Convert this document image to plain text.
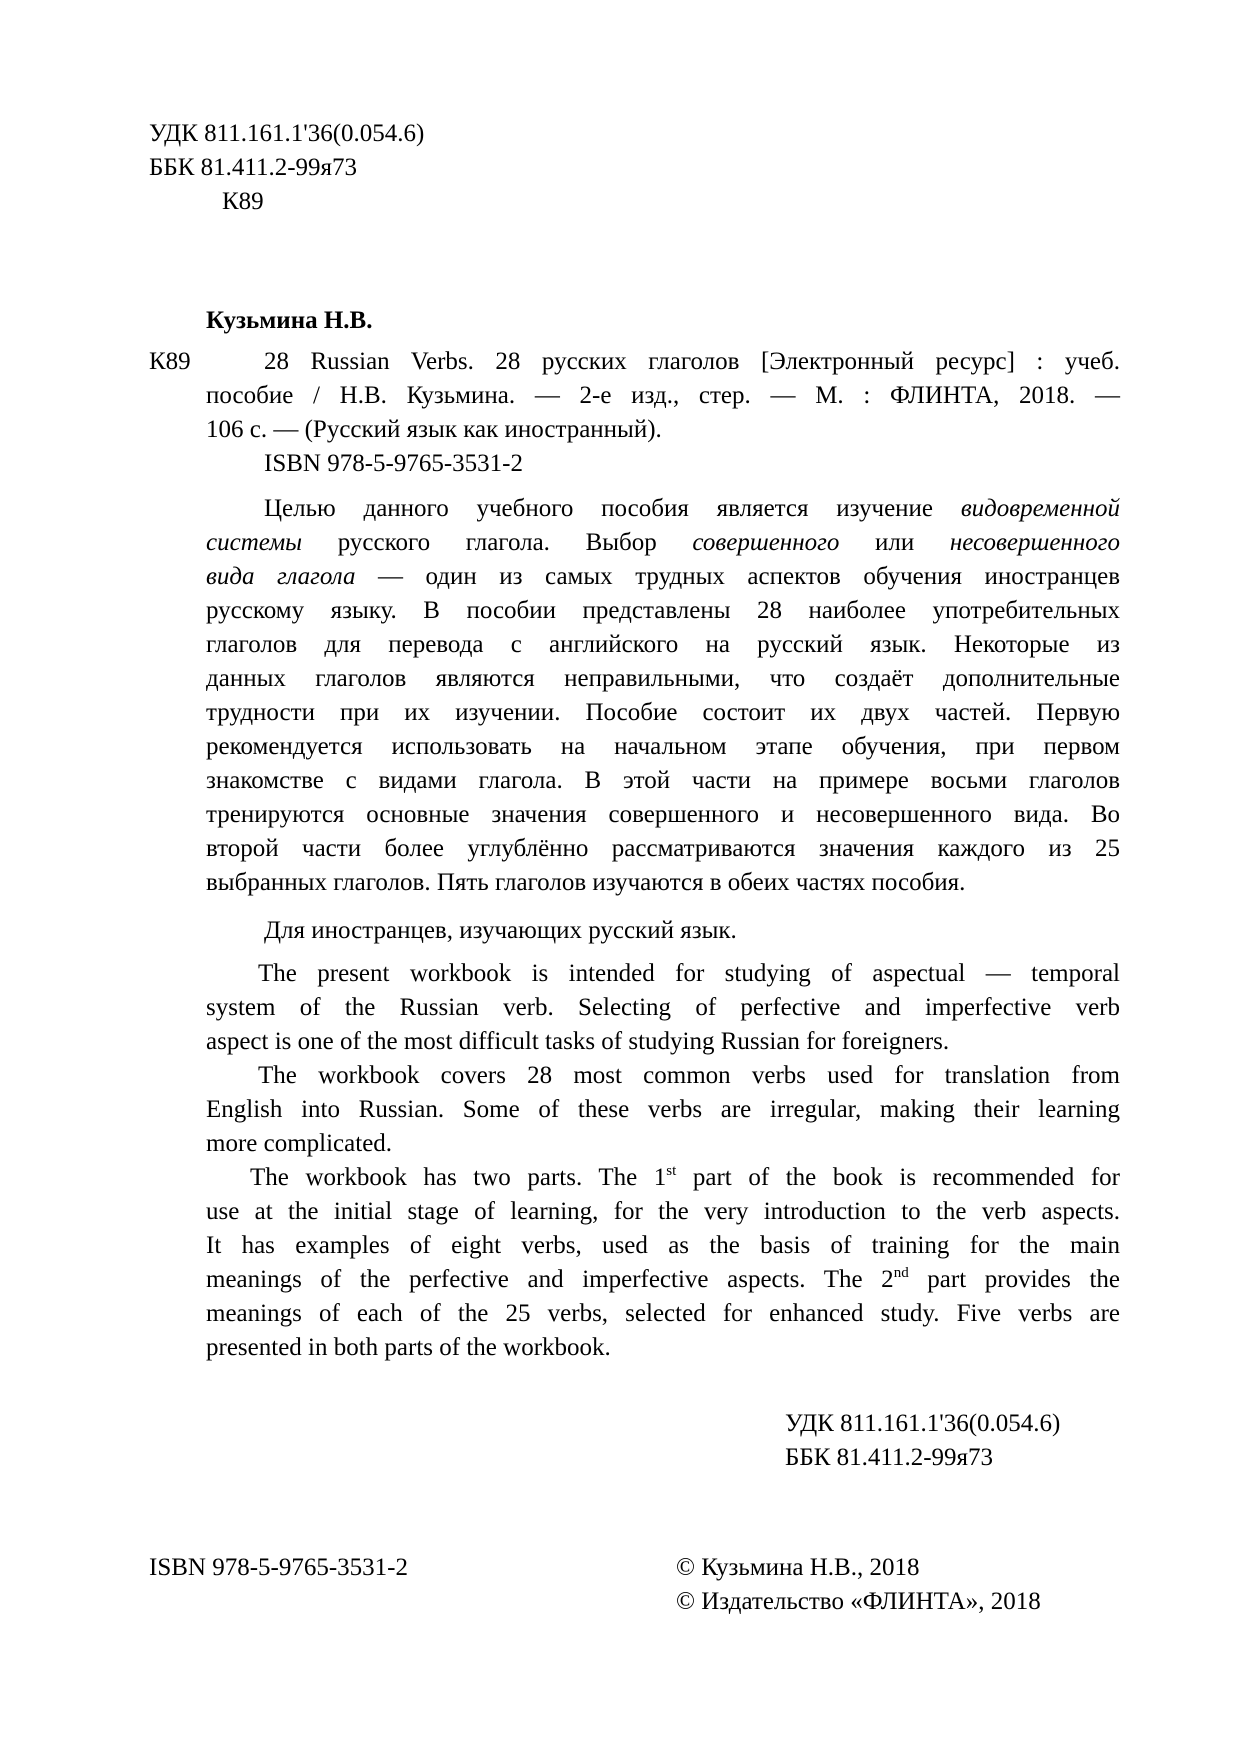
УДК 811.161.1'36(0.054.6)
ББК 81.411.2-99я73
К89
Кузьмина Н.В.
К89	28 Russian Verbs. 28 русских глаголов [Электронный ресурс] : учеб.
пособие / Н.В. Кузьмина. — 2-е изд., стер. — М. : ФЛИНТА, 2018. —
106 с. — (Русский язык как иностранный).
ISBN 978-5-9765-3531-2
Целью данного учебного пособия является изучение видовременной
системы русского глагола. Выбор совершенного или несовершенного
вида глагола — один из самых трудных аспектов обучения иностранцев
русскому языку. В пособии представлены 28 наиболее употребительных
глаголов для перевода с английского на русский язык. Некоторые из
данных глаголов являются неправильными, что создаёт дополнительные
трудности при их изучении. Пособие состоит их двух частей. Первую
рекомендуется использовать на начальном этапе обучения, при первом
знакомстве с видами глагола. В этой части на примере восьми глаголов
тренируются основные значения совершенного и несовершенного вида. Во
второй части более углублённо рассматриваются значения каждого из 25
выбранных глаголов. Пять глаголов изучаются в обеих частях пособия.
Для иностранцев, изучающих русский язык.
The present workbook is intended for studying of aspectual — temporal
system of the Russian verb. Selecting of perfective and imperfective verb
aspect is one of the most difficult tasks of studying Russian for foreigners.
The workbook covers 28 most common verbs used for translation from
English into Russian. Some of these verbs are irregular, making their learning
more complicated.
The workbook has two parts. The 1st part of the book is recommended for
use at the initial stage of learning, for the very introduction to the verb aspects.
It has examples of eight verbs, used as the basis of training for the main
meanings of the perfective and imperfective aspects. The 2nd part provides the
meanings of each of the 25 verbs, selected for enhanced study. Five verbs are
presented in both parts of the workbook.
УДК 811.161.1'36(0.054.6)
ББК 81.411.2-99я73
ISBN 978-5-9765-3531-2	© Кузьмина Н.В., 2018
© Издательство «ФЛИНТА», 2018
